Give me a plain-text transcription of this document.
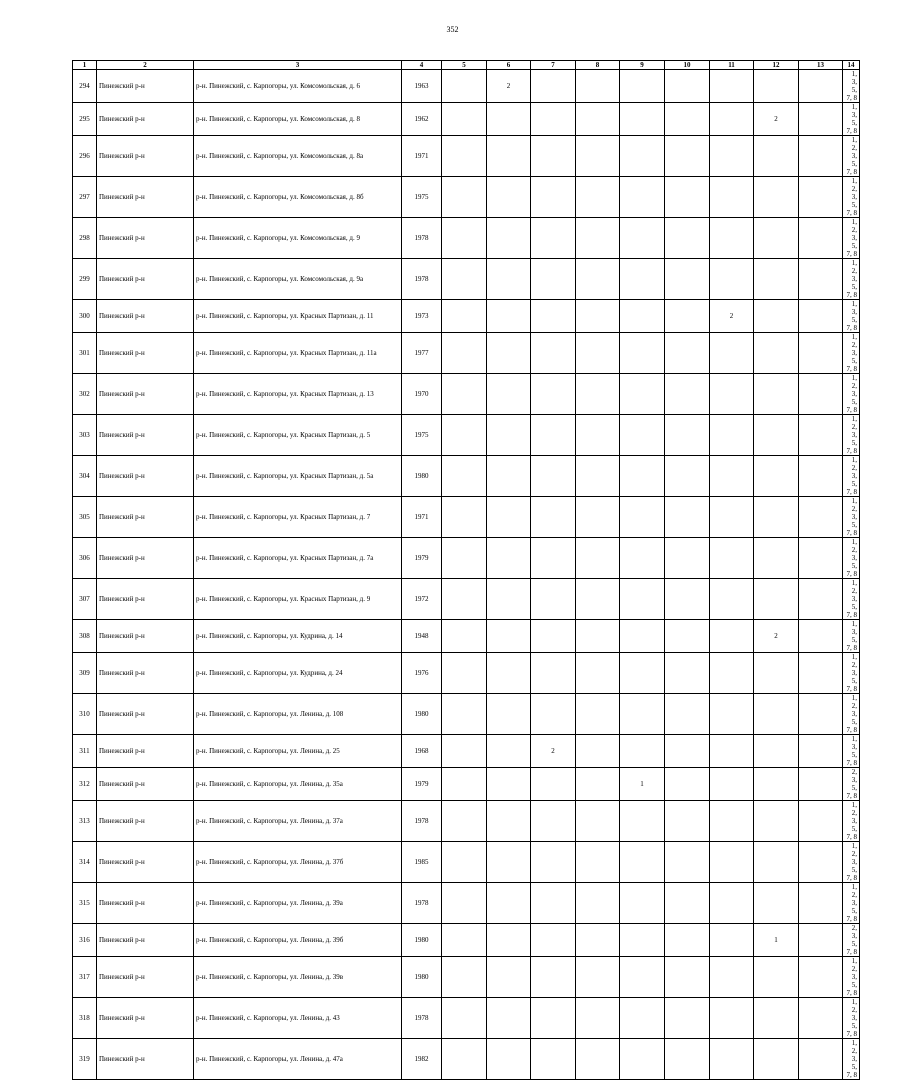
352
1	2	3	4	5	6	7	8	9	10	11	12	13	14
294	Пинежский р-н	р-н. Пинежский, с. Карпогоры, ул. Комсомольская, д. 6	1963		2								1, 3, 5, 7, 8
295	Пинежский р-н	р-н. Пинежский, с. Карпогоры, ул. Комсомольская, д. 8	1962								2		1, 3, 5, 7, 8
296	Пинежский р-н	р-н. Пинежский, с. Карпогоры, ул. Комсомольская, д. 8а	1971										1, 2, 3, 5, 7, 8
297	Пинежский р-н	р-н. Пинежский, с. Карпогоры, ул. Комсомольская, д. 8б	1975										1, 2, 3, 5, 7, 8
298	Пинежский р-н	р-н. Пинежский, с. Карпогоры, ул. Комсомольская, д. 9	1978										1, 2, 3, 5, 7, 8
299	Пинежский р-н	р-н. Пинежский, с. Карпогоры, ул. Комсомольская, д. 9а	1978										1, 2, 3, 5, 7, 8
300	Пинежский р-н	р-н. Пинежский, с. Карпогоры, ул. Красных Партизан, д. 11	1973							2			1, 3, 5, 7, 8
301	Пинежский р-н	р-н. Пинежский, с. Карпогоры, ул. Красных Партизан, д. 11а	1977										1, 2, 3, 5, 7, 8
302	Пинежский р-н	р-н. Пинежский, с. Карпогоры, ул. Красных Партизан, д. 13	1970										1, 2, 3, 5, 7, 8
303	Пинежский р-н	р-н. Пинежский, с. Карпогоры, ул. Красных Партизан, д. 5	1975										1, 2, 3, 5, 7, 8
304	Пинежский р-н	р-н. Пинежский, с. Карпогоры, ул. Красных Партизан, д. 5а	1980										1, 2, 3, 5, 7, 8
305	Пинежский р-н	р-н. Пинежский, с. Карпогоры, ул. Красных Партизан, д. 7	1971										1, 2, 3, 5, 7, 8
306	Пинежский р-н	р-н. Пинежский, с. Карпогоры, ул. Красных Партизан, д. 7а	1979										1, 2, 3, 5, 7, 8
307	Пинежский р-н	р-н. Пинежский, с. Карпогоры, ул. Красных Партизан, д. 9	1972										1, 2, 3, 5, 7, 8
308	Пинежский р-н	р-н. Пинежский, с. Карпогоры, ул. Кудрина, д. 14	1948								2		1, 3, 5, 7, 8
309	Пинежский р-н	р-н. Пинежский, с. Карпогоры, ул. Кудрина, д. 24	1976										1, 2, 3, 5, 7, 8
310	Пинежский р-н	р-н. Пинежский, с. Карпогоры, ул. Ленина, д. 108	1980										1, 2, 3, 5, 7, 8
311	Пинежский р-н	р-н. Пинежский, с. Карпогоры, ул. Ленина, д. 25	1968			2							1, 3, 5, 7, 8
312	Пинежский р-н	р-н. Пинежский, с. Карпогоры, ул. Ленина, д. 35а	1979					1					2, 3, 5, 7, 8
313	Пинежский р-н	р-н. Пинежский, с. Карпогоры, ул. Ленина, д. 37а	1978										1, 2, 3, 5, 7, 8
314	Пинежский р-н	р-н. Пинежский, с. Карпогоры, ул. Ленина, д. 37б	1985										1, 2, 3, 5, 7, 8
315	Пинежский р-н	р-н. Пинежский, с. Карпогоры, ул. Ленина, д. 39а	1978										1, 2, 3, 5, 7, 8
316	Пинежский р-н	р-н. Пинежский, с. Карпогоры, ул. Ленина, д. 39б	1980								1		2, 3, 5, 7, 8
317	Пинежский р-н	р-н. Пинежский, с. Карпогоры, ул. Ленина, д. 39в	1980										1, 2, 3, 5, 7, 8
318	Пинежский р-н	р-н. Пинежский, с. Карпогоры, ул. Ленина, д. 43	1978										1, 2, 3, 5, 7, 8
319	Пинежский р-н	р-н. Пинежский, с. Карпогоры, ул. Ленина, д. 47а	1982										1, 2, 3, 5, 7, 8
